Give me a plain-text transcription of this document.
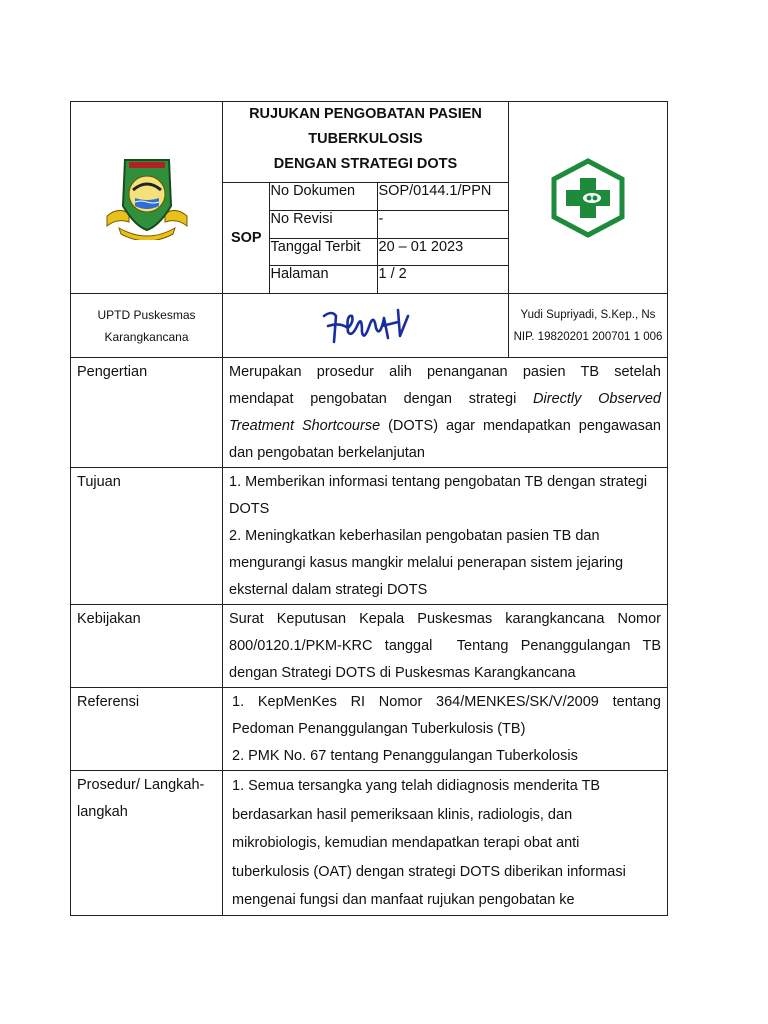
RUJUKAN PENGOBATAN PASIEN
TUBERKULOSIS
DENGAN STRATEGI DOTS
SOP	No Dokumen	SOP/0144.1/PPN
No Revisi	-
Tanggal Terbit	20 – 01 2023
Halaman	1 / 2

UPTD Puskesmas
Karangkancana

Yudi Supriyadi, S.Kep., Ns
NIP. 19820201 200701 1 006

Pengertian	Merupakan prosedur alih penanganan pasien TB setelah
mendapat pengobatan dengan strategi Directly Observed
Treatment Shortcourse (DOTS) agar mendapatkan pengawasan
dan pengobatan berkelanjutan

Tujuan	1. Memberikan informasi tentang pengobatan TB dengan strategi
DOTS
2. Meningkatkan keberhasilan pengobatan pasien TB dan
mengurangi kasus mangkir melalui penerapan sistem jejaring
eksternal dalam strategi DOTS

Kebijakan	Surat Keputusan Kepala Puskesmas karangkancana Nomor
800/0120.1/PKM-KRC tanggal  Tentang Penanggulangan TB
dengan Strategi DOTS di Puskesmas Karangkancana

Referensi	1. KepMenKes RI Nomor 364/MENKES/SK/V/2009 tentang
Pedoman Penanggulangan Tuberkulosis (TB)
2. PMK No. 67 tentang Penanggulangan Tuberkolosis

Prosedur/ Langkah-
langkah

1. Semua tersangka yang telah didiagnosis menderita TB
berdasarkan hasil pemeriksaan klinis, radiologis, dan
mikrobiologis, kemudian mendapatkan terapi obat anti
tuberkulosis (OAT) dengan strategi DOTS diberikan informasi
mengenai fungsi dan manfaat rujukan pengobatan ke
